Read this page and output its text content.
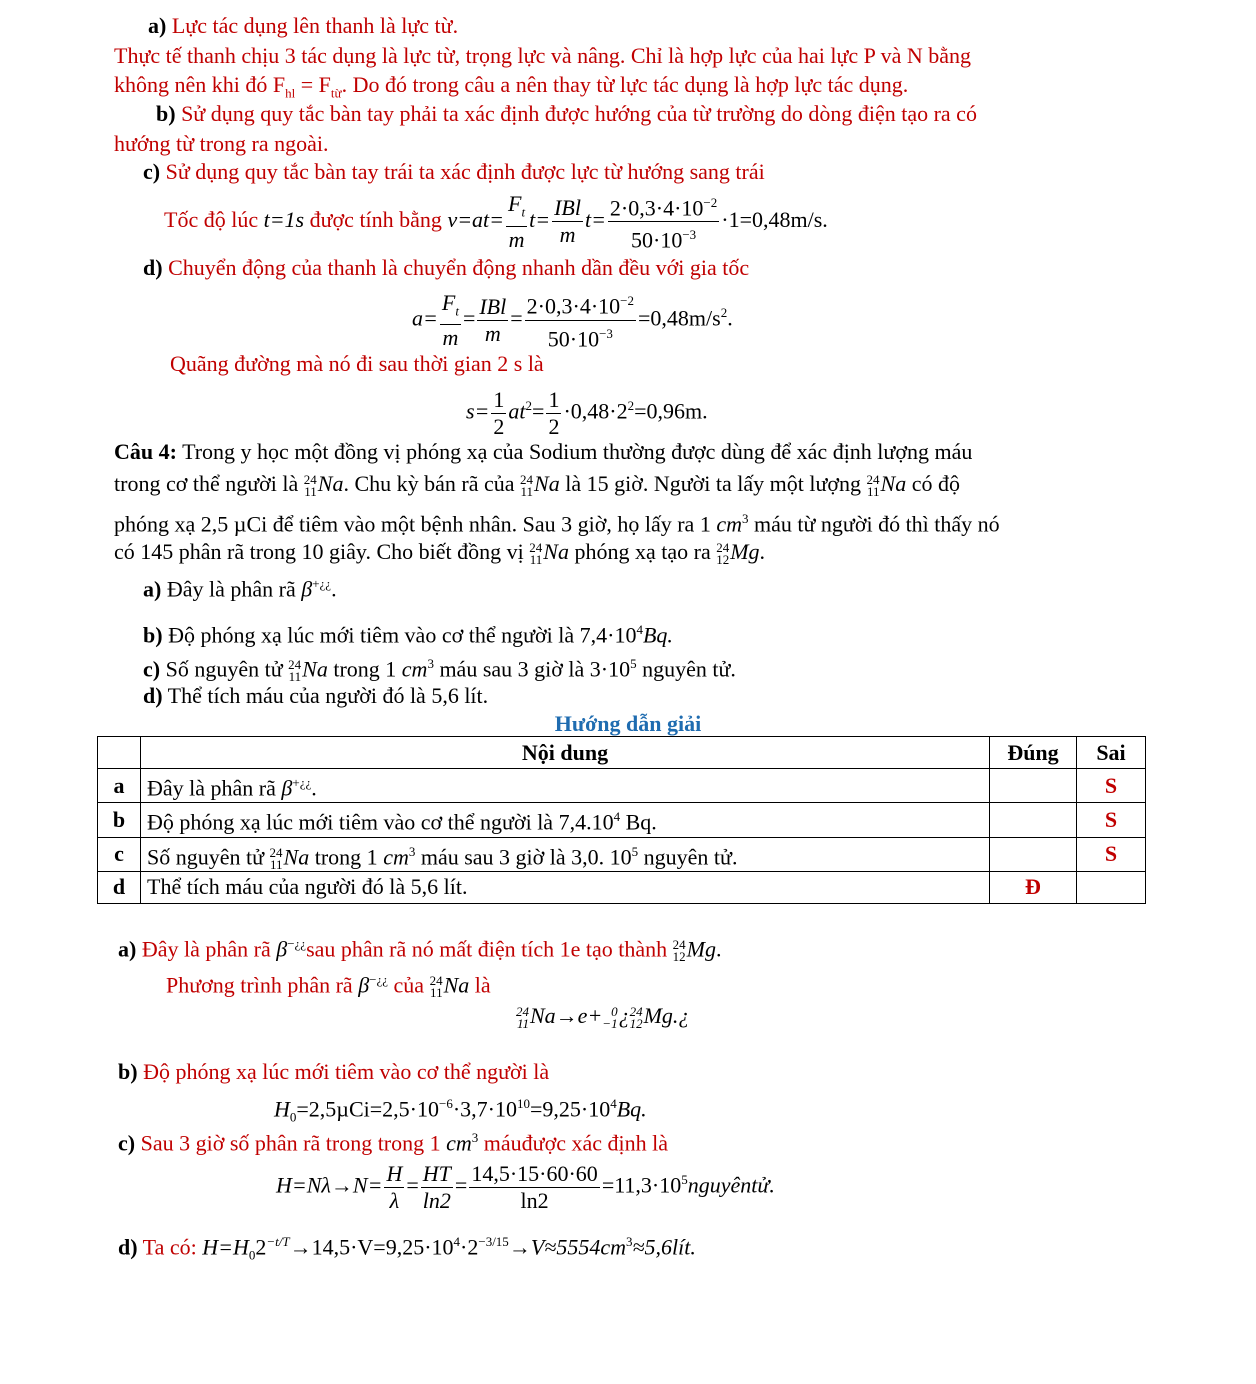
a) Lực tác dụng lên thanh là lực từ.
Thực tế thanh chịu 3 tác dụng là lực từ, trọng lực và nâng. Chỉ là hợp lực của hai lực P và N bằng
không nên khi đó $F_{hl} = F_{từ}$. Do đó trong câu a nên thay từ lực tác dụng là hợp lực tác dụng.
b) Sử dụng quy tắc bàn tay phải ta xác định được hướng của từ trường do dòng điện tạo ra có
hướng từ trong ra ngoài.
c) Sử dụng quy tắc bàn tay trái ta xác định được lực từ hướng sang trái
Tốc độ lúc t=1s được tính bằng $v=at= \frac{F_t}{m} t= \frac{\text{IBl}}{m} t= \frac{2\cdot 0,3\cdot 4\cdot 10^{-2}}{50\cdot 10^{-3}} \cdot 1=0,48m/s$.
d) Chuyển động của thanh là chuyển động nhanh dần đều với gia tốc
$a= \frac{F_t}{m} = \frac{\text{IBl}}{m} = \frac{2\cdot 0,3\cdot 4\cdot 10^{-2}}{50\cdot 10^{-3}} =0,48m/s^2$.
Quãng đường mà nó đi sau thời gian 2 s là
$s= \frac{1}{2} at^2= \frac{1}{2} \cdot 0,48\cdot 2^2=0,96m$.
Câu 4: Trong y học một đồng vị phóng xạ của Sodium thường được dùng để xác định lượng máu
trong cơ thể người là 24
11 Na. Chu kỳ bán rã của 24
11 Na là 15 giờ. Người ta lấy một lượng 24
11 Na có độ
phóng xạ 2,5 µCi để tiêm vào một bệnh nhân. Sau 3 giờ, họ lấy ra 1 $cm^3$ máu từ người đó thì thấy nó
có 145 phân rã trong 10 giây. Cho biết đồng vị 24
11 Na phóng xạ tạo ra 24
12 Mg.
a) Đây là phân rã β+¿¿.
b) Độ phóng xạ lúc mới tiêm vào cơ thể người là $7,4\cdot 10^4Bq$.
c) Số nguyên tử 24
11 Na trong 1 $cm^3$ máu sau 3 giờ là $3\cdot 10^5$ nguyên tử.
d) Thể tích máu của người đó là 5,6 lít.
Hướng dẫn giải
	Nội dung	Đúng	Sai
a	Đây là phân rã β+¿¿.		S
b	Độ phóng xạ lúc mới tiêm vào cơ thể người là 7,4.10$^4$ Bq.		S
c	Số nguyên tử 24
11 Na trong 1 $cm^3$ máu sau 3 giờ là 3,0. $10^5$ nguyên tử.		S
d	Thể tích máu của người đó là 5,6 lít.	Đ	
a) Đây là phân rã β−¿¿sau phân rã nó mất điện tích 1e tạo thành 24
12 Mg.
Phương trình phân rã β−¿¿ của 24
11 Na là
24
11 Na→e+ 0
−1 ¿ 24
12 Mg.¿
b) Độ phóng xạ lúc mới tiêm vào cơ thể người là
$H_0=2,5\mu Ci=2,5\cdot 10^{-6}\cdot 3,7\cdot 10^{10}=9,25\cdot 10^4Bq$.
c) Sau 3 giờ số phân rã trong trong 1 $cm^3$ máuđược xác định là
$H=N\lambda\to N= \frac{H}{\lambda} = \frac{HT}{\ln 2} = \frac{14,5\cdot 15\cdot 60\cdot 60}{\ln 2}$ $=11,3\cdot 10^5nguyêntử$.
d) Ta có: $H=H_02^{-t/T}\to 14,5\cdot V=9,25\cdot 10^4\cdot 2^{-3/15}\to V\approx 5554cm^3\approx 5,6lít$.
